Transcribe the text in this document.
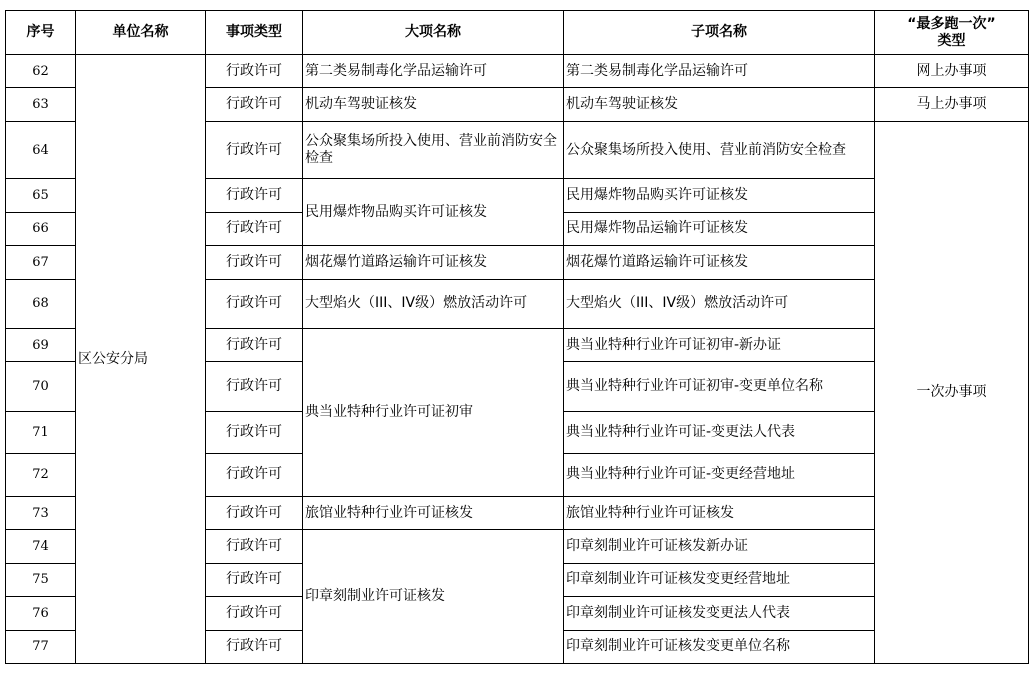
序号	单位名称	事项类型	大项名称	子项名称	“最多跑一次”
类型

62	区公安分局	行政许可	第二类易制毒化学品运输许可	第二类易制毒化学品运输许可	网上办事项
63		行政许可	机动车驾驶证核发	机动车驾驶证核发	马上办事项
64		行政许可	公众聚集场所投入使用、营业前消防安全检查	公众聚集场所投入使用、营业前消防安全检查	一次办事项
65		行政许可	民用爆炸物品购买许可证核发	民用爆炸物品购买许可证核发	
66		行政许可		民用爆炸物品运输许可证核发	
67		行政许可	烟花爆竹道路运输许可证核发	烟花爆竹道路运输许可证核发	
68		行政许可	大型焰火（III、IV级）燃放活动许可	大型焰火（III、IV级）燃放活动许可	
69		行政许可	典当业特种行业许可证初审	典当业特种行业许可证初审-新办证	
70		行政许可		典当业特种行业许可证初审-变更单位名称	
71		行政许可		典当业特种行业许可证-变更法人代表	
72		行政许可		典当业特种行业许可证-变更经营地址	
73		行政许可	旅馆业特种行业许可证核发	旅馆业特种行业许可证核发	
74		行政许可	印章刻制业许可证核发	印章刻制业许可证核发新办证	
75		行政许可		印章刻制业许可证核发变更经营地址	
76		行政许可		印章刻制业许可证核发变更法人代表	
77		行政许可		印章刻制业许可证核发变更单位名称	
